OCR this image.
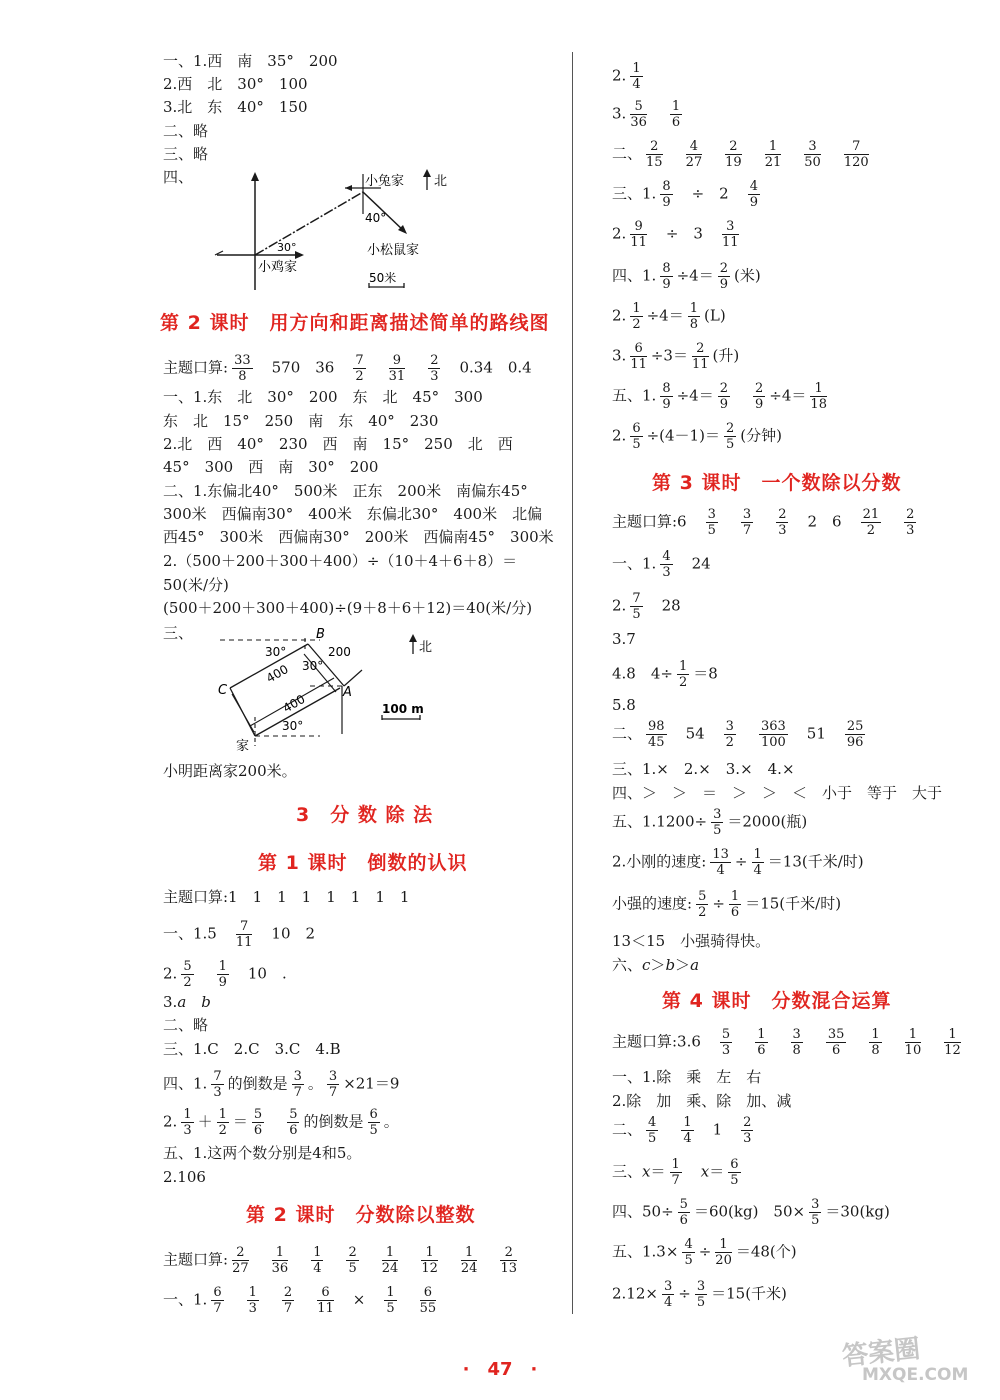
一、1.西　南　35°　200
2.西　北　30°　100
3.北　东　40°　150
二、略
三、略
四、
主题口算: $\frac{33}{8}$ 　570　36　 $\frac{7}{2}$
　 $\frac{9}{31}$
　 $\frac{2}{3}$ 　0.34　0.4
一、1.东　北　30°　200　东　北　45°　300
东　北　15°　250　南　东　40°　230
2.北　西　40°　230　西　南　15°　250　北　西
45°　300　西　南　30°　200
二、1.东偏北40°　500米　正东　200米　南偏东45°
300米　西偏南30°　400米　东偏北30°　400米　北偏
西45°　300米　西偏南30°　200米　西偏南45°　300米
2.（500＋200＋300＋400）÷（10＋4＋6＋8）＝
50(米/分)
(500＋200＋300＋400)÷(9＋8＋6＋12)＝40(米/分)
三、
小明距离家200米。
主题口算:1　1　1　1　1　1　1　1
一、1.5　 $\frac{7}{11}$ 　10　2
2. $\frac{5}{2}$
　 $\frac{1}{9}$ 　10　.
3.a　 b
二、略
三、1.C　2.C　3.C　4.B
四、1. $\frac{7}{3}$ 的倒数是 $\frac{3}{7}$ 。 $\frac{3}{7} \times 21=9$
2. $\frac{1}{3} + \frac{1}{2} = \frac{5}{6}$
　 $\frac{5}{6}$ 的倒数是 $\frac{6}{5}$ 。
五、1.这两个数分别是4和5。
2.106
主题口算: $\frac{2}{27}$
　 $\frac{1}{36}$
　 $\frac{1}{4}$
　 $\frac{2}{5}$
　 $\frac{1}{24}$
　 $\frac{1}{12}$
　 $\frac{1}{24}$
　 $\frac{2}{13}$
一、1. $\frac{6}{7}$
　 $\frac{1}{3}$
　 $\frac{2}{7}$
　 $\frac{6}{11}$ 　×　 $\frac{1}{5}$
　 $\frac{6}{55}$
2. $\frac{1}{4}$
3. $\frac{5}{36}$
　 $\frac{1}{6}$
二、 $\frac{2}{15}$
　 $\frac{4}{27}$
　 $\frac{2}{19}$
　 $\frac{1}{21}$
　 $\frac{3}{50}$
　 $\frac{7}{120}$
三、1. $\frac{8}{9}$ 　÷　2　 $\frac{4}{9}$
2. $\frac{9}{11}$ 　÷　3　 $\frac{3}{11}$
四、1. $\frac{8}{9} \div 4= \frac{2}{9}$ (米)
2. $\frac{1}{2} \div 4= \frac{1}{8} (L)$
3. $\frac{6}{11} \div 3= \frac{2}{11}$ (升)
五、1. $\frac{8}{9} \div 4= \frac{2}{9}$
　 $\frac{2}{9} \div 4= \frac{1}{18}$
2. $\frac{6}{5} \div(4-1)= \frac{2}{5}$ (分钟)
主题口算:6　 $\frac{3}{5}$
　 $\frac{3}{7}$
　 $\frac{2}{3}$ 　2　6　 $\frac{21}{2}$
　 $\frac{2}{3}$
一、1. $\frac{4}{3}$ 　24
2. $\frac{7}{5}$ 　28
3.7
4.8　$4\div \frac{1}{2} =8$
5.8
二、 $\frac{98}{45}$ 　54　 $\frac{3}{2}$
　 $\frac{363}{100}$ 　51　 $\frac{25}{96}$
三、1.×　2.×　3.×　4.×
四、＞　＞　＝　＞　＞　＜　小于　等于　大于
五、$1.1200\div \frac{3}{5} =2000$(瓶)
2.小刚的速度: $\frac{13}{4} \div \frac{1}{4} =13$(千米/时)
小强的速度: $\frac{5}{2} \div \frac{1}{6} =15$(千米/时)
13＜15　小强骑得快。
六、c＞b＞a
主题口算:3.6　 $\frac{5}{3}$
　 $\frac{1}{6}$
　 $\frac{3}{8}$
　 $\frac{35}{6}$
　 $\frac{1}{8}$
　 $\frac{1}{10}$
　 $\frac{1}{12}$
一、1.除　乘　左　右
2.除　加　乘、除　加、减
二、 $\frac{4}{5}$
　 $\frac{1}{4}$ 　1　 $\frac{2}{3}$
三、$x= \frac{1}{7}$
　 $x= \frac{6}{5}$
四、$50\div \frac{5}{6} =60(kg)$　$50\times \frac{3}{5} =30(kg)$
五、$1.3\times \frac{4}{5} \div \frac{1}{20} =48$(个)
$2.12\times \frac{3}{4} \div \frac{3}{5} =15$(千米)
第 2 课时　用方向和距离描述简单的路线图
3　分 数 除 法
第 1 课时　倒数的认识
第 2 课时　分数除以整数
第 3 课时　一个数除以分数
第 4 课时　分数混合运算
北
小兔家
40°
小松鼠家
30°
小鸡家
50米
北
B
C	A
30°
30°
30°
400
400
200
100 m
家
·　47　·	答案圈
MXQE.COM
